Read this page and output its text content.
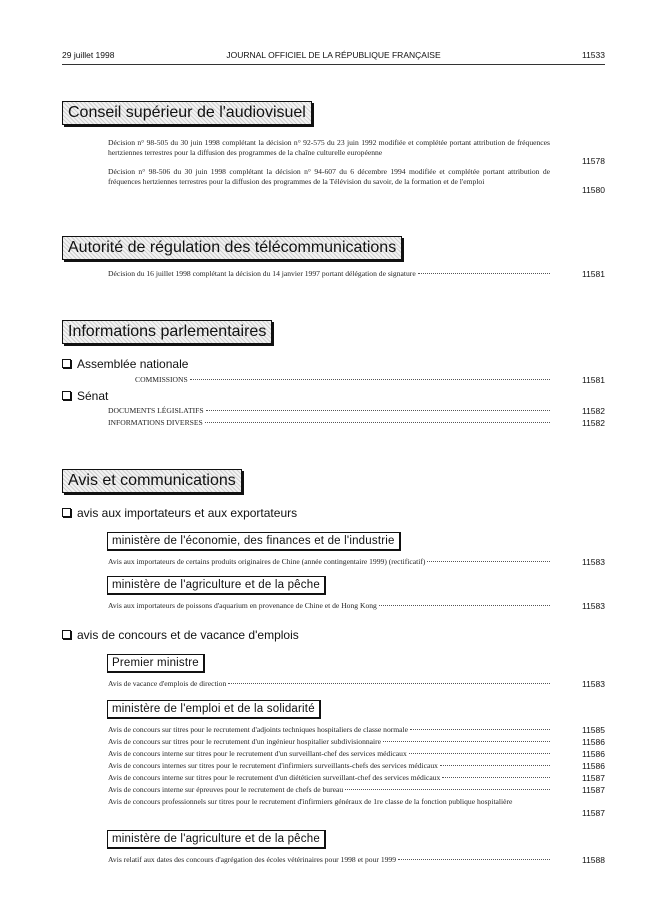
29 juillet 1998	JOURNAL OFFICIEL DE LA RÉPUBLIQUE FRANÇAISE	11533
Conseil supérieur de l'audiovisuel
Décision n° 98-505 du 30 juin 1998 complétant la décision n° 92-575 du 23 juin 1992 modifiée et complétée portant attribution de fréquences hertziennes terrestres pour la diffusion des programmes de la chaîne culturelle européenne
11578
Décision n° 98-506 du 30 juin 1998 complétant la décision n° 94-607 du 6 décembre 1994 modifiée et complétée portant attribution de fréquences hertziennes terrestres pour la diffusion des programmes de la Télévision du savoir, de la formation et de l'emploi
11580
Autorité de régulation des télécommunications
Décision du 16 juillet 1998 complétant la décision du 14 janvier 1997 portant délégation de signature	11581
Informations parlementaires
Assemblée nationale
COMMISSIONS	11581
Sénat
DOCUMENTS LÉGISLATIFS	11582
INFORMATIONS DIVERSES	11582
Avis et communications
avis aux importateurs et aux exportateurs
ministère de l'économie, des finances et de l'industrie
Avis aux importateurs de certains produits originaires de Chine (année contingentaire 1999) (rectificatif)	11583
ministère de l'agriculture et de la pêche
Avis aux importateurs de poissons d'aquarium en provenance de Chine et de Hong Kong	11583
avis de concours et de vacance d'emplois
Premier ministre
Avis de vacance d'emplois de direction	11583
ministère de l'emploi et de la solidarité
Avis de concours sur titres pour le recrutement d'adjoints techniques hospitaliers de classe normale	11585
Avis de concours sur titres pour le recrutement d'un ingénieur hospitalier subdivisionnaire	11586
Avis de concours interne sur titres pour le recrutement d'un surveillant-chef des services médicaux	11586
Avis de concours internes sur titres pour le recrutement d'infirmiers surveillants-chefs des services médicaux	11586
Avis de concours interne sur titres pour le recrutement d'un diététicien surveillant-chef des services médicaux	11587
Avis de concours interne sur épreuves pour le recrutement de chefs de bureau	11587
Avis de concours professionnels sur titres pour le recrutement d'infirmiers généraux de 1re classe de la fonction publique hospitalière
11587
ministère de l'agriculture et de la pêche
Avis relatif aux dates des concours d'agrégation des écoles vétérinaires pour 1998 et pour 1999	11588
